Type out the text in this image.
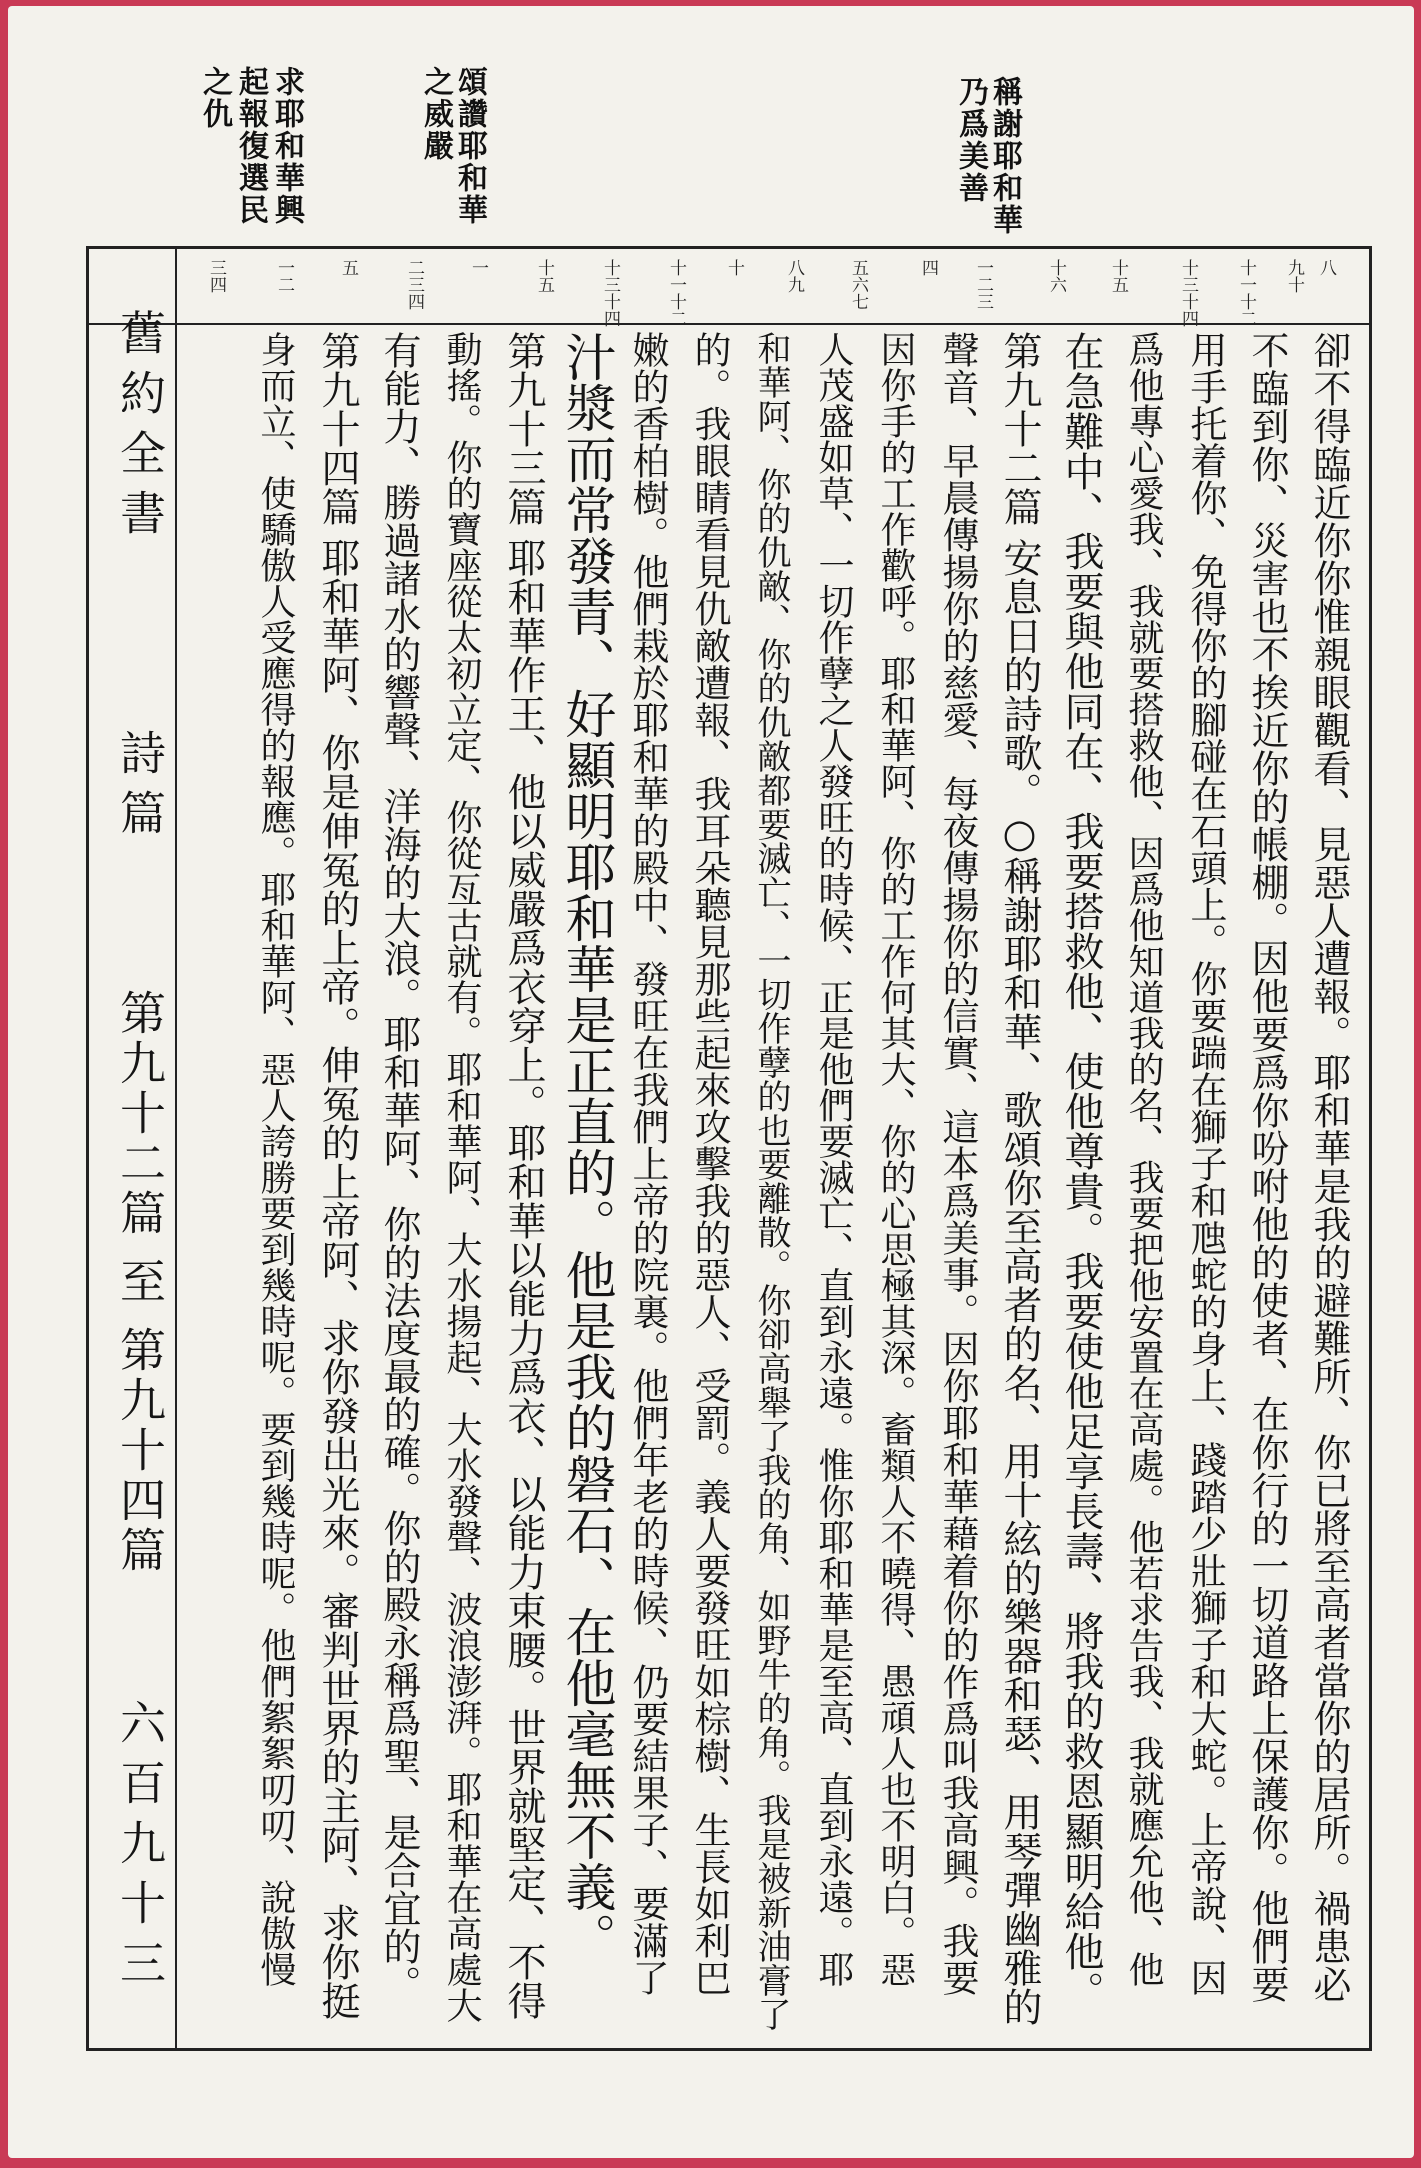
稱謝耶和華乃爲美善
頌讚耶和華之威嚴
求耶和華興起報復選民之仇
八
九十
十一十二
十三十四
十五
十六
一二三
四
五六七
八九
十
十一十二
十三十四
十五
一
二三四
五
一二
三四
卻不得臨近你你惟親眼觀看、見惡人遭報。耶和華是我的避難所、你已將至高者當你的居所。禍患必
不臨到你、災害也不挨近你的帳棚。因他要爲你吩咐他的使者、在你行的一切道路上保護你。他們要
用手托着你、免得你的腳碰在石頭上。你要踹在獅子和虺蛇的身上、踐踏少壯獅子和大蛇。上帝說、因
爲他專心愛我、我就要搭救他、因爲他知道我的名、我要把他安置在高處。他若求告我、我就應允他、他
在急難中、我要與他同在、我要搭救他、使他尊貴。我要使他足享長壽、將我的救恩顯明給他。
第九十二篇 安息日的詩歌。○稱謝耶和華、歌頌你至高者的名、用十絃的樂器和瑟、用琴彈幽雅的
聲音、早晨傳揚你的慈愛、每夜傳揚你的信實、這本爲美事。因你耶和華藉着你的作爲叫我高興。我要
因你手的工作歡呼。耶和華阿、你的工作何其大、你的心思極其深。畜類人不曉得、愚頑人也不明白。惡
人茂盛如草、一切作孽之人發旺的時候、正是他們要滅亡、直到永遠。惟你耶和華是至高、直到永遠。耶
和華阿、你的仇敵、你的仇敵都要滅亡、一切作孽的也要離散。你卻高舉了我的角、如野牛的角。我是被新油膏了
的。我眼睛看見仇敵遭報、我耳朵聽見那些起來攻擊我的惡人、受罰。義人要發旺如棕樹、生長如利巴
嫩的香柏樹。他們栽於耶和華的殿中、發旺在我們上帝的院裏。他們年老的時候、仍要結果子、要滿了
汁漿而常發青、好顯明耶和華是正直的。他是我的磐石、在他毫無不義。
第九十三篇 耶和華作王、他以威嚴爲衣穿上。耶和華以能力爲衣、以能力束腰。世界就堅定、不得
動搖。你的寶座從太初立定、你從亙古就有。耶和華阿、大水揚起、大水發聲、波浪澎湃。耶和華在高處大
有能力、勝過諸水的響聲、洋海的大浪。耶和華阿、你的法度最的確。你的殿永稱爲聖、是合宜的。
第九十四篇 耶和華阿、你是伸冤的上帝。伸冤的上帝阿、求你發出光來。審判世界的主阿、求你挺
身而立、使驕傲人受應得的報應。耶和華阿、惡人誇勝要到幾時呢。要到幾時呢。他們絮絮叨叨、說傲慢
舊約全書
詩篇
第九十二篇 至 第九十四篇
六百九十三
